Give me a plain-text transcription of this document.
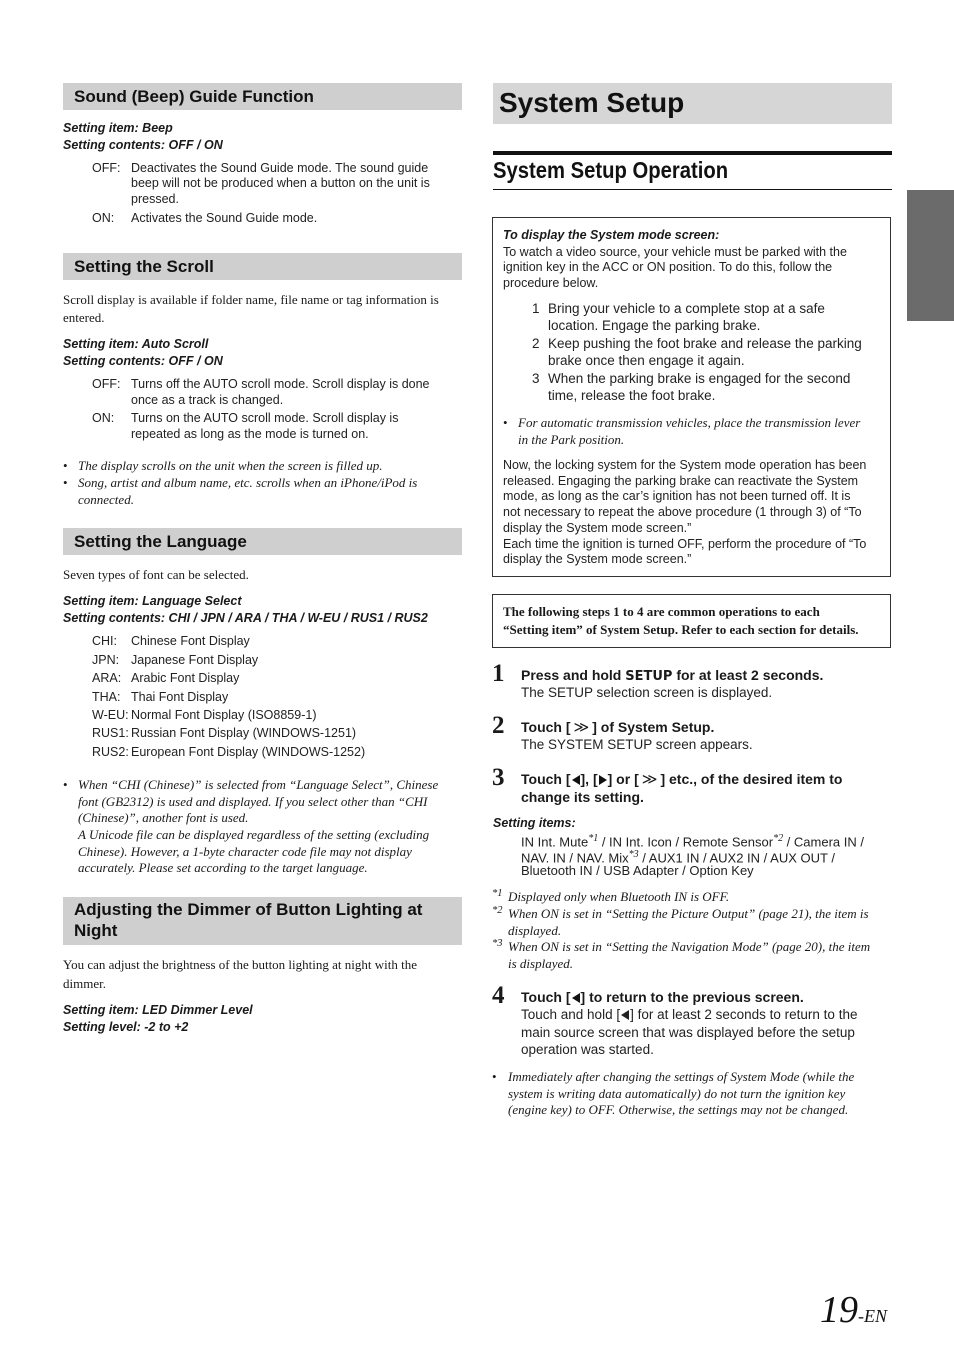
Sound (Beep) Guide Function
Setting item: Beep
Setting contents: OFF / ON
OFF: Deactivates the Sound Guide mode. The sound guide
beep will not be produced when a button on the unit is
pressed.
ON: Activates the Sound Guide mode.
Setting the Scroll
Scroll display is available if folder name, file name or tag information is
entered.
Setting item: Auto Scroll
Setting contents: OFF / ON
OFF: Turns off the AUTO scroll mode. Scroll display is done
once as a track is changed.
ON: Turns on the AUTO scroll mode. Scroll display is
repeated as long as the mode is turned on.
• The display scrolls on the unit when the screen is filled up.
• Song, artist and album name, etc. scrolls when an iPhone/iPod is
connected.
Setting the Language
Seven types of font can be selected.
Setting item: Language Select
Setting contents: CHI / JPN / ARA / THA / W-EU / RUS1 / RUS2
CHI: Chinese Font Display
JPN: Japanese Font Display
ARA: Arabic Font Display
THA: Thai Font Display
W-EU: Normal Font Display (ISO8859-1)
RUS1: Russian Font Display (WINDOWS-1251)
RUS2: European Font Display (WINDOWS-1252)
• When “CHI (Chinese)” is selected from “Language Select”, Chinese
font (GB2312) is used and displayed. If you select other than “CHI
(Chinese)”, another font is used.
A Unicode file can be displayed regardless of the setting (excluding
Chinese). However, a 1-byte character code file may not display
accurately. Please set according to the target language.
Adjusting the Dimmer of Button Lighting at
Night
You can adjust the brightness of the button lighting at night with the
dimmer.
Setting item: LED Dimmer Level
Setting level: -2 to +2
System Setup
System Setup Operation
To display the System mode screen:
To watch a video source, your vehicle must be parked with the
ignition key in the ACC or ON position. To do this, follow the
procedure below.
1 Bring your vehicle to a complete stop at a safe
location. Engage the parking brake.
2 Keep pushing the foot brake and release the parking
brake once then engage it again.
3 When the parking brake is engaged for the second
time, release the foot brake.
• For automatic transmission vehicles, place the transmission lever
in the Park position.
Now, the locking system for the System mode operation has been
released. Engaging the parking brake can reactivate the System
mode, as long as the car’s ignition has not been turned off. It is
not necessary to repeat the above procedure (1 through 3) of “To
display the System mode screen.”
Each time the ignition is turned OFF, perform the procedure of “To
display the System mode screen.”
The following steps 1 to 4 are common operations to each
“Setting item” of System Setup. Refer to each section for details.
1 Press and hold SETUP for at least 2 seconds.
The SETUP selection screen is displayed.
2 Touch [ ≫ ] of System Setup.
The SYSTEM SETUP screen appears.
3 Touch [ ], [ ] or [ ≫ ] etc., of the desired item to
change its setting.
Setting items:
IN Int. Mute$^{*1}$ / IN Int. Icon / Remote Sensor$^{*2}$ / Camera IN /
NAV. IN / NAV. Mix$^{*3}$ / AUX1 IN / AUX2 IN / AUX OUT /
Bluetooth IN / USB Adapter / Option Key
*1 Displayed only when Bluetooth IN is OFF.
*2 When ON is set in “Setting the Picture Output” (page 21), the item is
displayed.
*3 When ON is set in “Setting the Navigation Mode” (page 20), the item
is displayed.
4 Touch [ ] to return to the previous screen.
Touch and hold [ ] for at least 2 seconds to return to the
main source screen that was displayed before the setup
operation was started.
• Immediately after changing the settings of System Mode (while the
system is writing data automatically) do not turn the ignition key
(engine key) to OFF. Otherwise, the settings may not be changed.
19-EN
